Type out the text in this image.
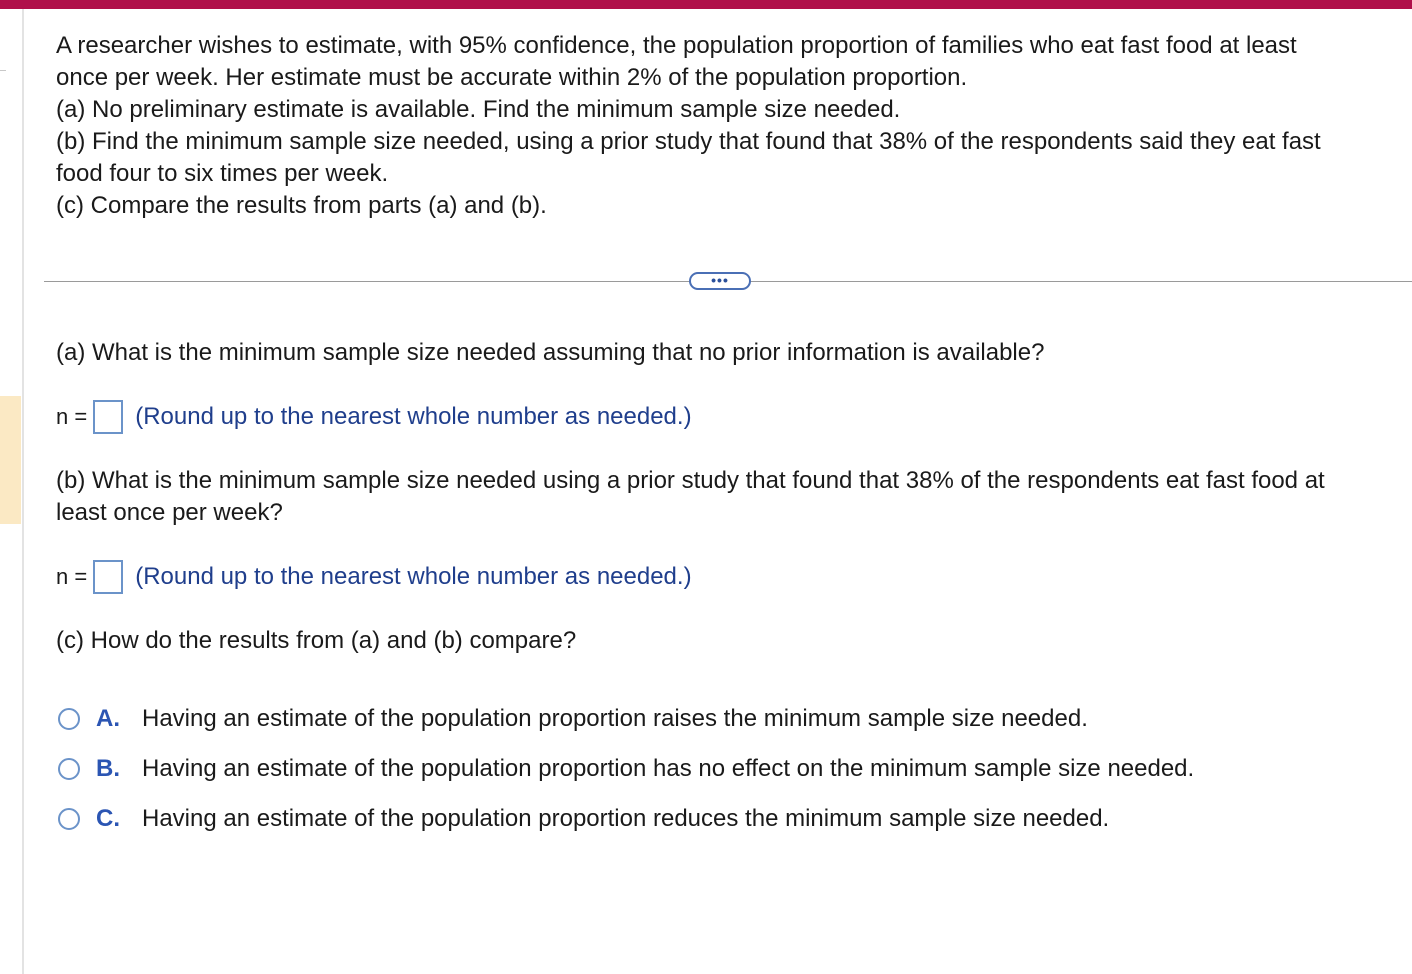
A researcher wishes to estimate, with 95% confidence, the population proportion of families who eat fast food at least
once per week. Her estimate must be accurate within 2% of the population proportion.
(a) No preliminary estimate is available. Find the minimum sample size needed.
(b) Find the minimum sample size needed, using a prior study that found that 38% of the respondents said they eat fast
food four to six times per week.
(c) Compare the results from parts (a) and (b).
•••
(a) What is the minimum sample size needed assuming that no prior information is available?
n = (Round up to the nearest whole number as needed.)
(b) What is the minimum sample size needed using a prior study that found that 38% of the respondents eat fast food at
least once per week?
n = (Round up to the nearest whole number as needed.)
(c) How do the results from (a) and (b) compare?
A. Having an estimate of the population proportion raises the minimum sample size needed.
B. Having an estimate of the population proportion has no effect on the minimum sample size needed.
C. Having an estimate of the population proportion reduces the minimum sample size needed.
